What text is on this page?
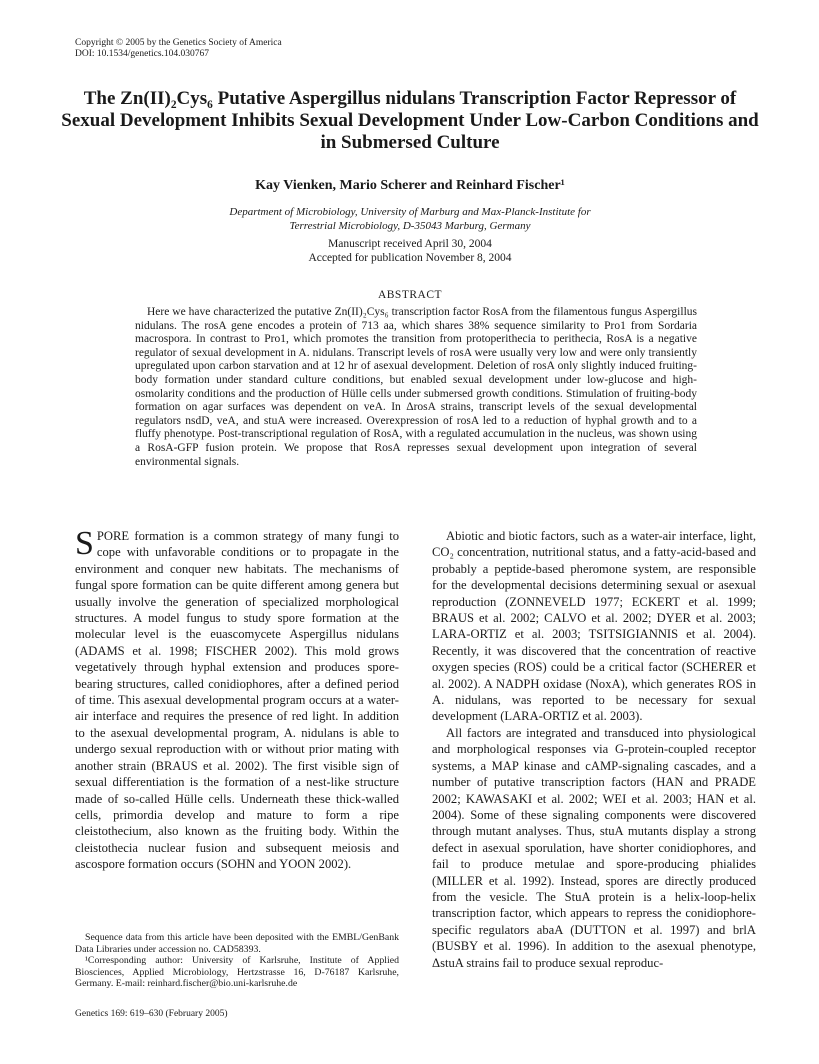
Copyright © 2005 by the Genetics Society of America
DOI: 10.1534/genetics.104.030767
The Zn(II)₂Cys₆ Putative Aspergillus nidulans Transcription Factor Repressor of Sexual Development Inhibits Sexual Development Under Low-Carbon Conditions and in Submersed Culture
Kay Vienken, Mario Scherer and Reinhard Fischer¹
Department of Microbiology, University of Marburg and Max-Planck-Institute for
Terrestrial Microbiology, D-35043 Marburg, Germany
Manuscript received April 30, 2004
Accepted for publication November 8, 2004
ABSTRACT

Here we have characterized the putative Zn(II)₂Cys₆ transcription factor RosA from the filamentous fungus Aspergillus nidulans. The rosA gene encodes a protein of 713 aa, which shares 38% sequence similarity to Pro1 from Sordaria macrospora. In contrast to Pro1, which promotes the transition from protoperithecia to perithecia, RosA is a negative regulator of sexual development in A. nidulans. Transcript levels of rosA were usually very low and were only transiently upregulated upon carbon starvation and at 12 hr of asexual development. Deletion of rosA only slightly induced fruiting-body formation under standard culture conditions, but enabled sexual development under low-glucose and high-osmolarity conditions and the production of Hülle cells under submersed growth conditions. Stimulation of fruiting-body formation on agar surfaces was dependent on veA. In ΔrosA strains, transcript levels of the sexual developmental regulators nsdD, veA, and stuA were increased. Overexpression of rosA led to a reduction of hyphal growth and to a fluffy phenotype. Post-transcriptional regulation of RosA, with a regulated accumulation in the nucleus, was shown using a RosA-GFP fusion protein. We propose that RosA represses sexual development upon integration of several environmental signals.

SPORE formation is a common strategy of many fungi to cope with unfavorable conditions or to propagate in the environment and conquer new habitats. The mechanisms of fungal spore formation can be quite different among genera but usually involve the generation of specialized morphological structures. A model fungus to study spore formation at the molecular level is the euascomycete Aspergillus nidulans (ADAMS et al. 1998; FISCHER 2002). This mold grows vegetatively through hyphal extension and produces spore-bearing structures, called conidiophores, after a defined period of time. This asexual developmental program occurs at a water-air interface and requires the presence of red light. In addition to the asexual developmental program, A. nidulans is able to undergo sexual reproduction with or without prior mating with another strain (BRAUS et al. 2002). The first visible sign of sexual differentiation is the formation of a nest-like structure made of so-called Hülle cells. Underneath these thick-walled cells, primordia develop and mature to form a ripe cleistothecium, also known as the fruiting body. Within the cleistothecia nuclear fusion and subsequent meiosis and ascospore formation occurs (SOHN and YOON 2002).

Sequence data from this article have been deposited with the EMBL/GenBank Data Libraries under accession no. CAD58393.

¹Corresponding author: University of Karlsruhe, Institute of Applied Biosciences, Applied Microbiology, Hertzstrasse 16, D-76187 Karlsruhe, Germany. E-mail: reinhard.fischer@bio.uni-karlsruhe.de

Abiotic and biotic factors, such as a water-air interface, light, CO₂ concentration, nutritional status, and a fatty-acid-based and probably a peptide-based pheromone system, are responsible for the developmental decisions determining sexual or asexual reproduction (ZONNEVELD 1977; ECKERT et al. 1999; BRAUS et al. 2002; CALVO et al. 2002; DYER et al. 2003; LARA-ORTIZ et al. 2003; TSITSIGIANNIS et al. 2004). Recently, it was discovered that the concentration of reactive oxygen species (ROS) could be a critical factor (SCHERER et al. 2002). A NADPH oxidase (NoxA), which generates ROS in A. nidulans, was reported to be necessary for sexual development (LARA-ORTIZ et al. 2003).

All factors are integrated and transduced into physiological and morphological responses via G-protein-coupled receptor systems, a MAP kinase and cAMP-signaling cascades, and a number of putative transcription factors (HAN and PRADE 2002; KAWASAKI et al. 2002; WEI et al. 2003; HAN et al. 2004). Some of these signaling components were discovered through mutant analyses. Thus, stuA mutants display a strong defect in asexual sporulation, have shorter conidiophores, and fail to produce metulae and spore-producing phialides (MILLER et al. 1992). Instead, spores are directly produced from the vesicle. The StuA protein is a helix-loop-helix transcription factor, which appears to repress the conidiophore-specific regulators abaA (DUTTON et al. 1997) and brlA (BUSBY et al. 1996). In addition to the asexual phenotype, ΔstuA strains fail to produce sexual reproduc-

Genetics 169: 619–630 (February 2005)
